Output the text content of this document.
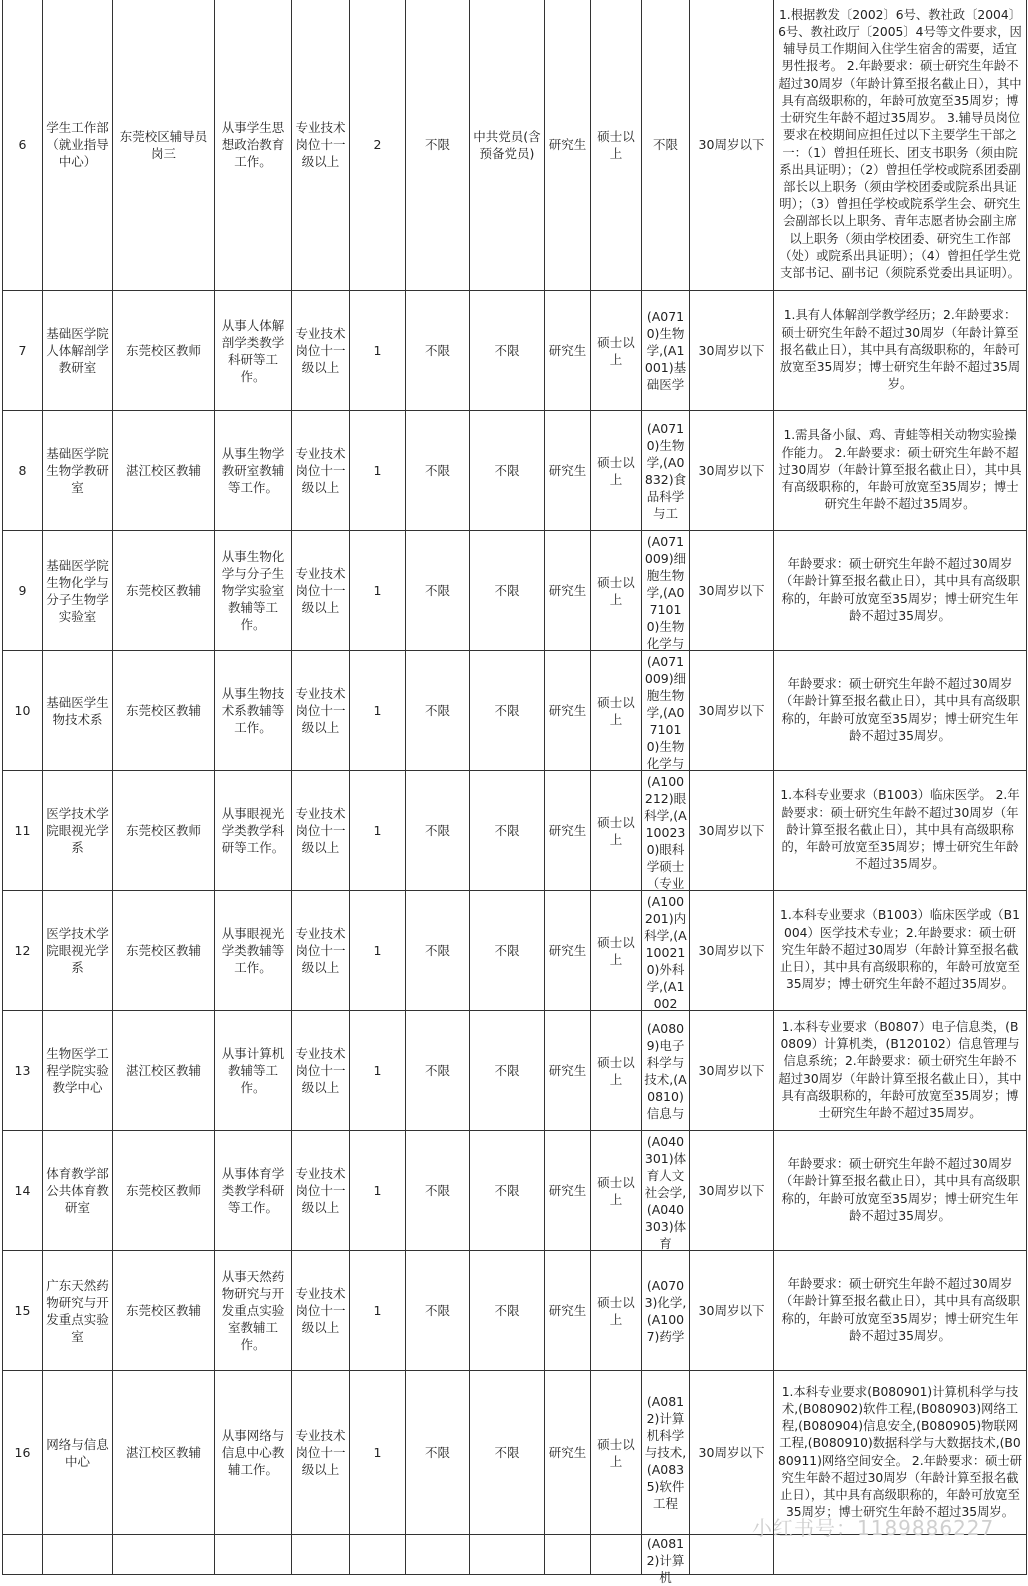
6	学生工作部（就业指导中心）	东莞校区辅导员岗三	从事学生思想政治教育工作。	专业技术岗位十一级以上	2	不限	中共党员(含预备党员)	研究生	硕士以上	不限	30周岁以下	1.根据教发〔2002〕6号、教社政〔2004〕6号、教社政厅〔2005〕4号等文件要求，因辅导员工作期间入住学生宿舍的需要，适宜男性报考。 2.年龄要求：硕士研究生年龄不超过30周岁（年龄计算至报名截止日），其中具有高级职称的，年龄可放宽至35周岁；博士研究生年龄不超过35周岁。 3.辅导员岗位要求在校期间应担任过以下主要学生干部之一：（1）曾担任班长、团支书职务（须由院系出具证明）；（2）曾担任学校或院系团委副部长以上职务（须由学校团委或院系出具证明）；（3）曾担任学校或院系学生会、研究生会副部长以上职务、青年志愿者协会副主席以上职务（须由学校团委、研究生工作部（处）或院系出具证明）；（4）曾担任学生党支部书记、副书记（须院系党委出具证明）。
7	基础医学院人体解剖学教研室	东莞校区教师	从事人体解剖学类教学科研等工作。	专业技术岗位十一级以上	1	不限	不限	研究生	硕士以上	(A0710)生物学,(A1001)基础医学	30周岁以下	1.具有人体解剖学教学经历；2.年龄要求：硕士研究生年龄不超过30周岁（年龄计算至报名截止日），其中具有高级职称的，年龄可放宽至35周岁；博士研究生年龄不超过35周岁。
8	基础医学院生物学教研室	湛江校区教辅	从事生物学教研室教辅等工作。	专业技术岗位十一级以上	1	不限	不限	研究生	硕士以上	(A0710)生物学,(A0832)食品科学与工	30周岁以下	1.需具备小鼠、鸡、青蛙等相关动物实验操作能力。 2.年龄要求：硕士研究生年龄不超过30周岁（年龄计算至报名截止日），其中具有高级职称的，年龄可放宽至35周岁；博士研究生年龄不超过35周岁。
9	基础医学院生物化学与分子生物学实验室	东莞校区教辅	从事生物化学与分子生物学实验室教辅等工作。	专业技术岗位十一级以上	1	不限	不限	研究生	硕士以上	(A071009)细胞生物学,(A071010)生物化学与	30周岁以下	年龄要求：硕士研究生年龄不超过30周岁（年龄计算至报名截止日），其中具有高级职称的，年龄可放宽至35周岁；博士研究生年龄不超过35周岁。
10	基础医学生物技术系	东莞校区教辅	从事生物技术系教辅等工作。	专业技术岗位十一级以上	1	不限	不限	研究生	硕士以上	(A071009)细胞生物学,(A071010)生物化学与	30周岁以下	年龄要求：硕士研究生年龄不超过30周岁（年龄计算至报名截止日），其中具有高级职称的，年龄可放宽至35周岁；博士研究生年龄不超过35周岁。
11	医学技术学院眼视光学系	东莞校区教师	从事眼视光学类教学科研等工作。	专业技术岗位十一级以上	1	不限	不限	研究生	硕士以上	(A100212)眼科学,(A100230)眼科学硕士（专业	30周岁以下	1.本科专业要求（B1003）临床医学。 2.年龄要求：硕士研究生年龄不超过30周岁（年龄计算至报名截止日），其中具有高级职称的，年龄可放宽至35周岁；博士研究生年龄不超过35周岁。
12	医学技术学院眼视光学系	东莞校区教辅	从事眼视光学类教辅等工作。	专业技术岗位十一级以上	1	不限	不限	研究生	硕士以上	(A100201)内科学,(A100210)外科学,(A1002	30周岁以下	1.本科专业要求（B1003）临床医学或（B1004）医学技术专业；2.年龄要求：硕士研究生年龄不超过30周岁（年龄计算至报名截止日），其中具有高级职称的，年龄可放宽至35周岁；博士研究生年龄不超过35周岁。
13	生物医学工程学院实验教学中心	湛江校区教辅	从事计算机教辅等工作。	专业技术岗位十一级以上	1	不限	不限	研究生	硕士以上	(A0809)电子科学与技术,(A0810)信息与	30周岁以下	1.本科专业要求（B0807）电子信息类，(B0809）计算机类，(B120102）信息管理与信息系统；2.年龄要求：硕士研究生年龄不超过30周岁（年龄计算至报名截止日），其中具有高级职称的，年龄可放宽至35周岁；博士研究生年龄不超过35周岁。
14	体育教学部公共体育教研室	东莞校区教师	从事体育学类教学科研等工作。	专业技术岗位十一级以上	1	不限	不限	研究生	硕士以上	(A040301)体育人文社会学,(A040303)体育	30周岁以下	年龄要求：硕士研究生年龄不超过30周岁（年龄计算至报名截止日），其中具有高级职称的，年龄可放宽至35周岁；博士研究生年龄不超过35周岁。
15	广东天然药物研究与开发重点实验室	东莞校区教辅	从事天然药物研究与开发重点实验室教辅工作。	专业技术岗位十一级以上	1	不限	不限	研究生	硕士以上	(A0703)化学,(A1007)药学	30周岁以下	年龄要求：硕士研究生年龄不超过30周岁（年龄计算至报名截止日），其中具有高级职称的，年龄可放宽至35周岁；博士研究生年龄不超过35周岁。
16	网络与信息中心	湛江校区教辅	从事网络与信息中心教辅工作。	专业技术岗位十一级以上	1	不限	不限	研究生	硕士以上	(A0812)计算机科学与技术,(A0835)软件工程	30周岁以下	1.本科专业要求(B080901)计算机科学与技术,(B080902)软件工程,(B080903)网络工程,(B080904)信息安全,(B080905)物联网工程,(B080910)数据科学与大数据技术,(B080911)网络空间安全。 2.年龄要求：硕士研究生年龄不超过30周岁（年龄计算至报名截止日），其中具有高级职称的，年龄可放宽至35周岁；博士研究生年龄不超过35周岁。

										(A0812)计算机		

小红书号：1189886227
